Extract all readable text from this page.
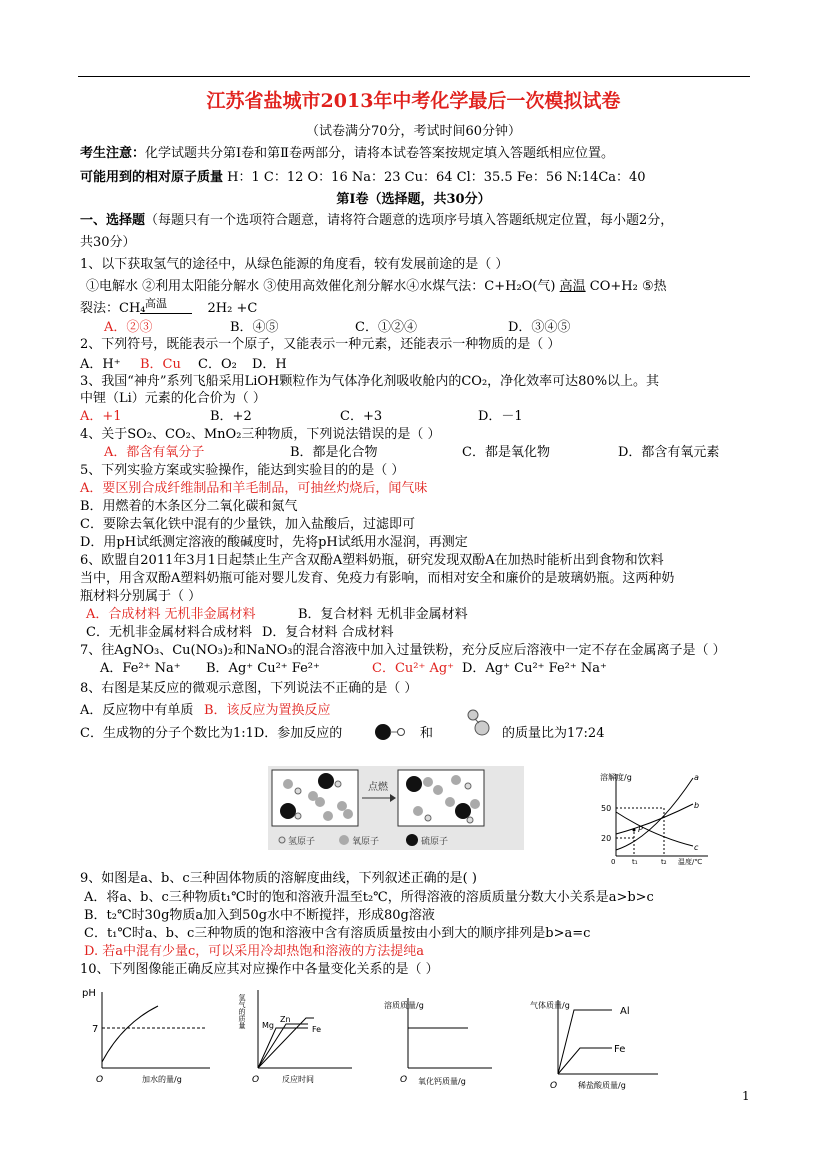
江苏省盐城市2013年中考化学最后一次模拟试卷
（试卷满分70分，考试时间60分钟）
考生注意：化学试题共分第Ⅰ卷和第Ⅱ卷两部分，请将本试卷答案按规定填入答题纸相应位置。
可能用到的相对原子质量 H：1 C：12 O：16 Na：23 Cu：64 Cl：35.5 Fe：56 N:14Ca：40
第Ⅰ卷（选择题，共30分）
一、选择题（每题只有一个选项符合题意，请将符合题意的选项序号填入答题纸规定位置，每小题2分，
共30分）
1、以下获取氢气的途径中，从绿色能源的角度看，较有发展前途的是（ ）
①电解水 ②利用太阳能分解水 ③使用高效催化剂分解水④水煤气法：C+H₂O(气) 高温 CO+H₂ ⑤热
高温
裂法：CH₄	2H₂ +C
A．②③	B．④⑤	C．①②④	D．③④⑤
2、下列符号，既能表示一个原子，又能表示一种元素，还能表示一种物质的是（ ）
A．H⁺ B．Cu C．O₂ D．H
3、我国“神舟”系列飞船采用LiOH颗粒作为气体净化剂吸收舱内的CO₂，净化效率可达80%以上。其
中锂（Li）元素的化合价为（ ）
A．+1	B．+2	C．+3	D．－1
4、关于SO₂、CO₂、MnO₂三种物质，下列说法错误的是（ ）
A．都含有氧分子	B．都是化合物	C．都是氧化物	D．都含有氧元素
5、下列实验方案或实验操作，能达到实验目的的是（ ）
A．要区别合成纤维制品和羊毛制品，可抽丝灼烧后，闻气味
B．用燃着的木条区分二氧化碳和氮气
C．要除去氧化铁中混有的少量铁，加入盐酸后，过滤即可
D．用pH试纸测定溶液的酸碱度时，先将pH试纸用水湿润，再测定
6、欧盟自2011年3月1日起禁止生产含双酚A塑料奶瓶，研究发现双酚A在加热时能析出到食物和饮料
当中，用含双酚A塑料奶瓶可能对婴儿发育、免疫力有影响，而相对安全和廉价的是玻璃奶瓶。这两种奶
瓶材料分别属于（ ）
A．合成材料 无机非金属材料	B．复合材料 无机非金属材料
C．无机非金属材料合成材料 D．复合材料 合成材料
7、往AgNO₃、Cu(NO₃)₂和NaNO₃的混合溶液中加入过量铁粉，充分反应后溶液中一定不存在金属离子是（ ）
A．Fe²⁺ Na⁺ B．Ag⁺ Cu²⁺ Fe²⁺	C．Cu²⁺ Ag⁺ D．Ag⁺ Cu²⁺ Fe²⁺ Na⁺
8、右图是某反应的微观示意图，下列说法不正确的是（ ）
A．反应物中有单质 B．该反应为置换反应
C．生成物的分子个数比为1:1D．参加反应的	和	的质量比为17:24
点燃
氢原子	氧原子	硫原子
溶解度/g
50
20
0 t₁	t₂ 温度/℃
a
b
c
P
9、如图是a、b、c三种固体物质的溶解度曲线，下列叙述正确的是( )
A．将a、b、c三种物质t₁℃时的饱和溶液升温至t₂℃，所得溶液的溶质质量分数大小关系是a>b>c
B．t₂℃时30g物质a加入到50g水中不断搅拌，形成80g溶液
C．t₁℃时a、b、c三种物质的饱和溶液中含有溶质质量按由小到大的顺序排列是b>a=c
D. 若a中混有少量c，可以采用冷却热饱和溶液的方法提纯a
10、下列图像能正确反应其对应操作中各量变化关系的是（ ）
pH
7
O	加水的量/g
氢气的质量 Mg
Zn
Fe
O	反应时间
溶质质量/g
O 氧化钙质量/g
气体质量/g
Al
Fe
O	稀盐酸质量/g
1
